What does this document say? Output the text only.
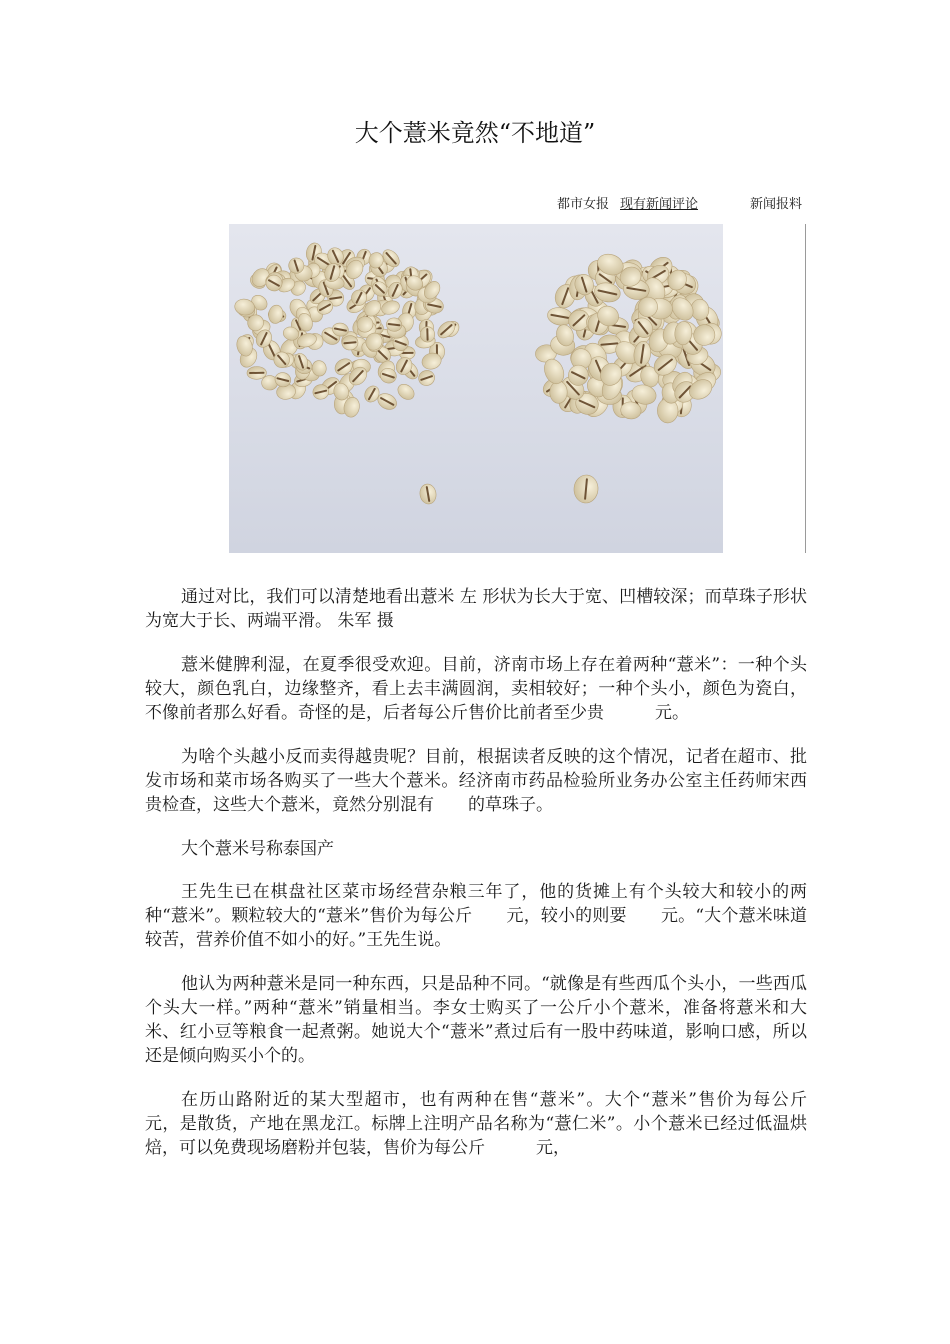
大个薏米竟然“不地道”
都市女报 现有新闻评论	新闻报料

通过对比，我们可以清楚地看出薏米 左 形状为长大于宽、凹槽较深；而草珠子形状为宽大于长、两端平滑。 朱军 摄

薏米健脾利湿，在夏季很受欢迎。目前，济南市场上存在着两种“薏米”：一种个头较大，颜色乳白，边缘整齐，看上去丰满圆润，卖相较好；一种个头小，颜色为瓷白，不像前者那么好看。奇怪的是，后者每公斤售价比前者至少贵　　　元。

为啥个头越小反而卖得越贵呢？目前，根据读者反映的这个情况，记者在超市、批发市场和菜市场各购买了一些大个薏米。经济南市药品检验所业务办公室主任药师宋西贵检查，这些大个薏米，竟然分别混有　　的草珠子。

大个薏米号称泰国产

王先生已在棋盘社区菜市场经营杂粮三年了，他的货摊上有个头较大和较小的两种“薏米”。颗粒较大的“薏米”售价为每公斤　　元，较小的则要　　元。“大个薏米味道较苦，营养价值不如小的好。”王先生说。

他认为两种薏米是同一种东西，只是品种不同。“就像是有些西瓜个头小，一些西瓜个头大一样。”两种“薏米”销量相当。李女士购买了一公斤小个薏米，准备将薏米和大米、红小豆等粮食一起煮粥。她说大个“薏米”煮过后有一股中药味道，影响口感，所以还是倾向购买小个的。

在历山路附近的某大型超市，也有两种在售“薏米”。大个“薏米”售价为每公斤　　　元，是散货，产地在黑龙江。标牌上注明产品名称为“薏仁米”。小个薏米已经过低温烘焙，可以免费现场磨粉并包装，售价为每公斤　　　元，
